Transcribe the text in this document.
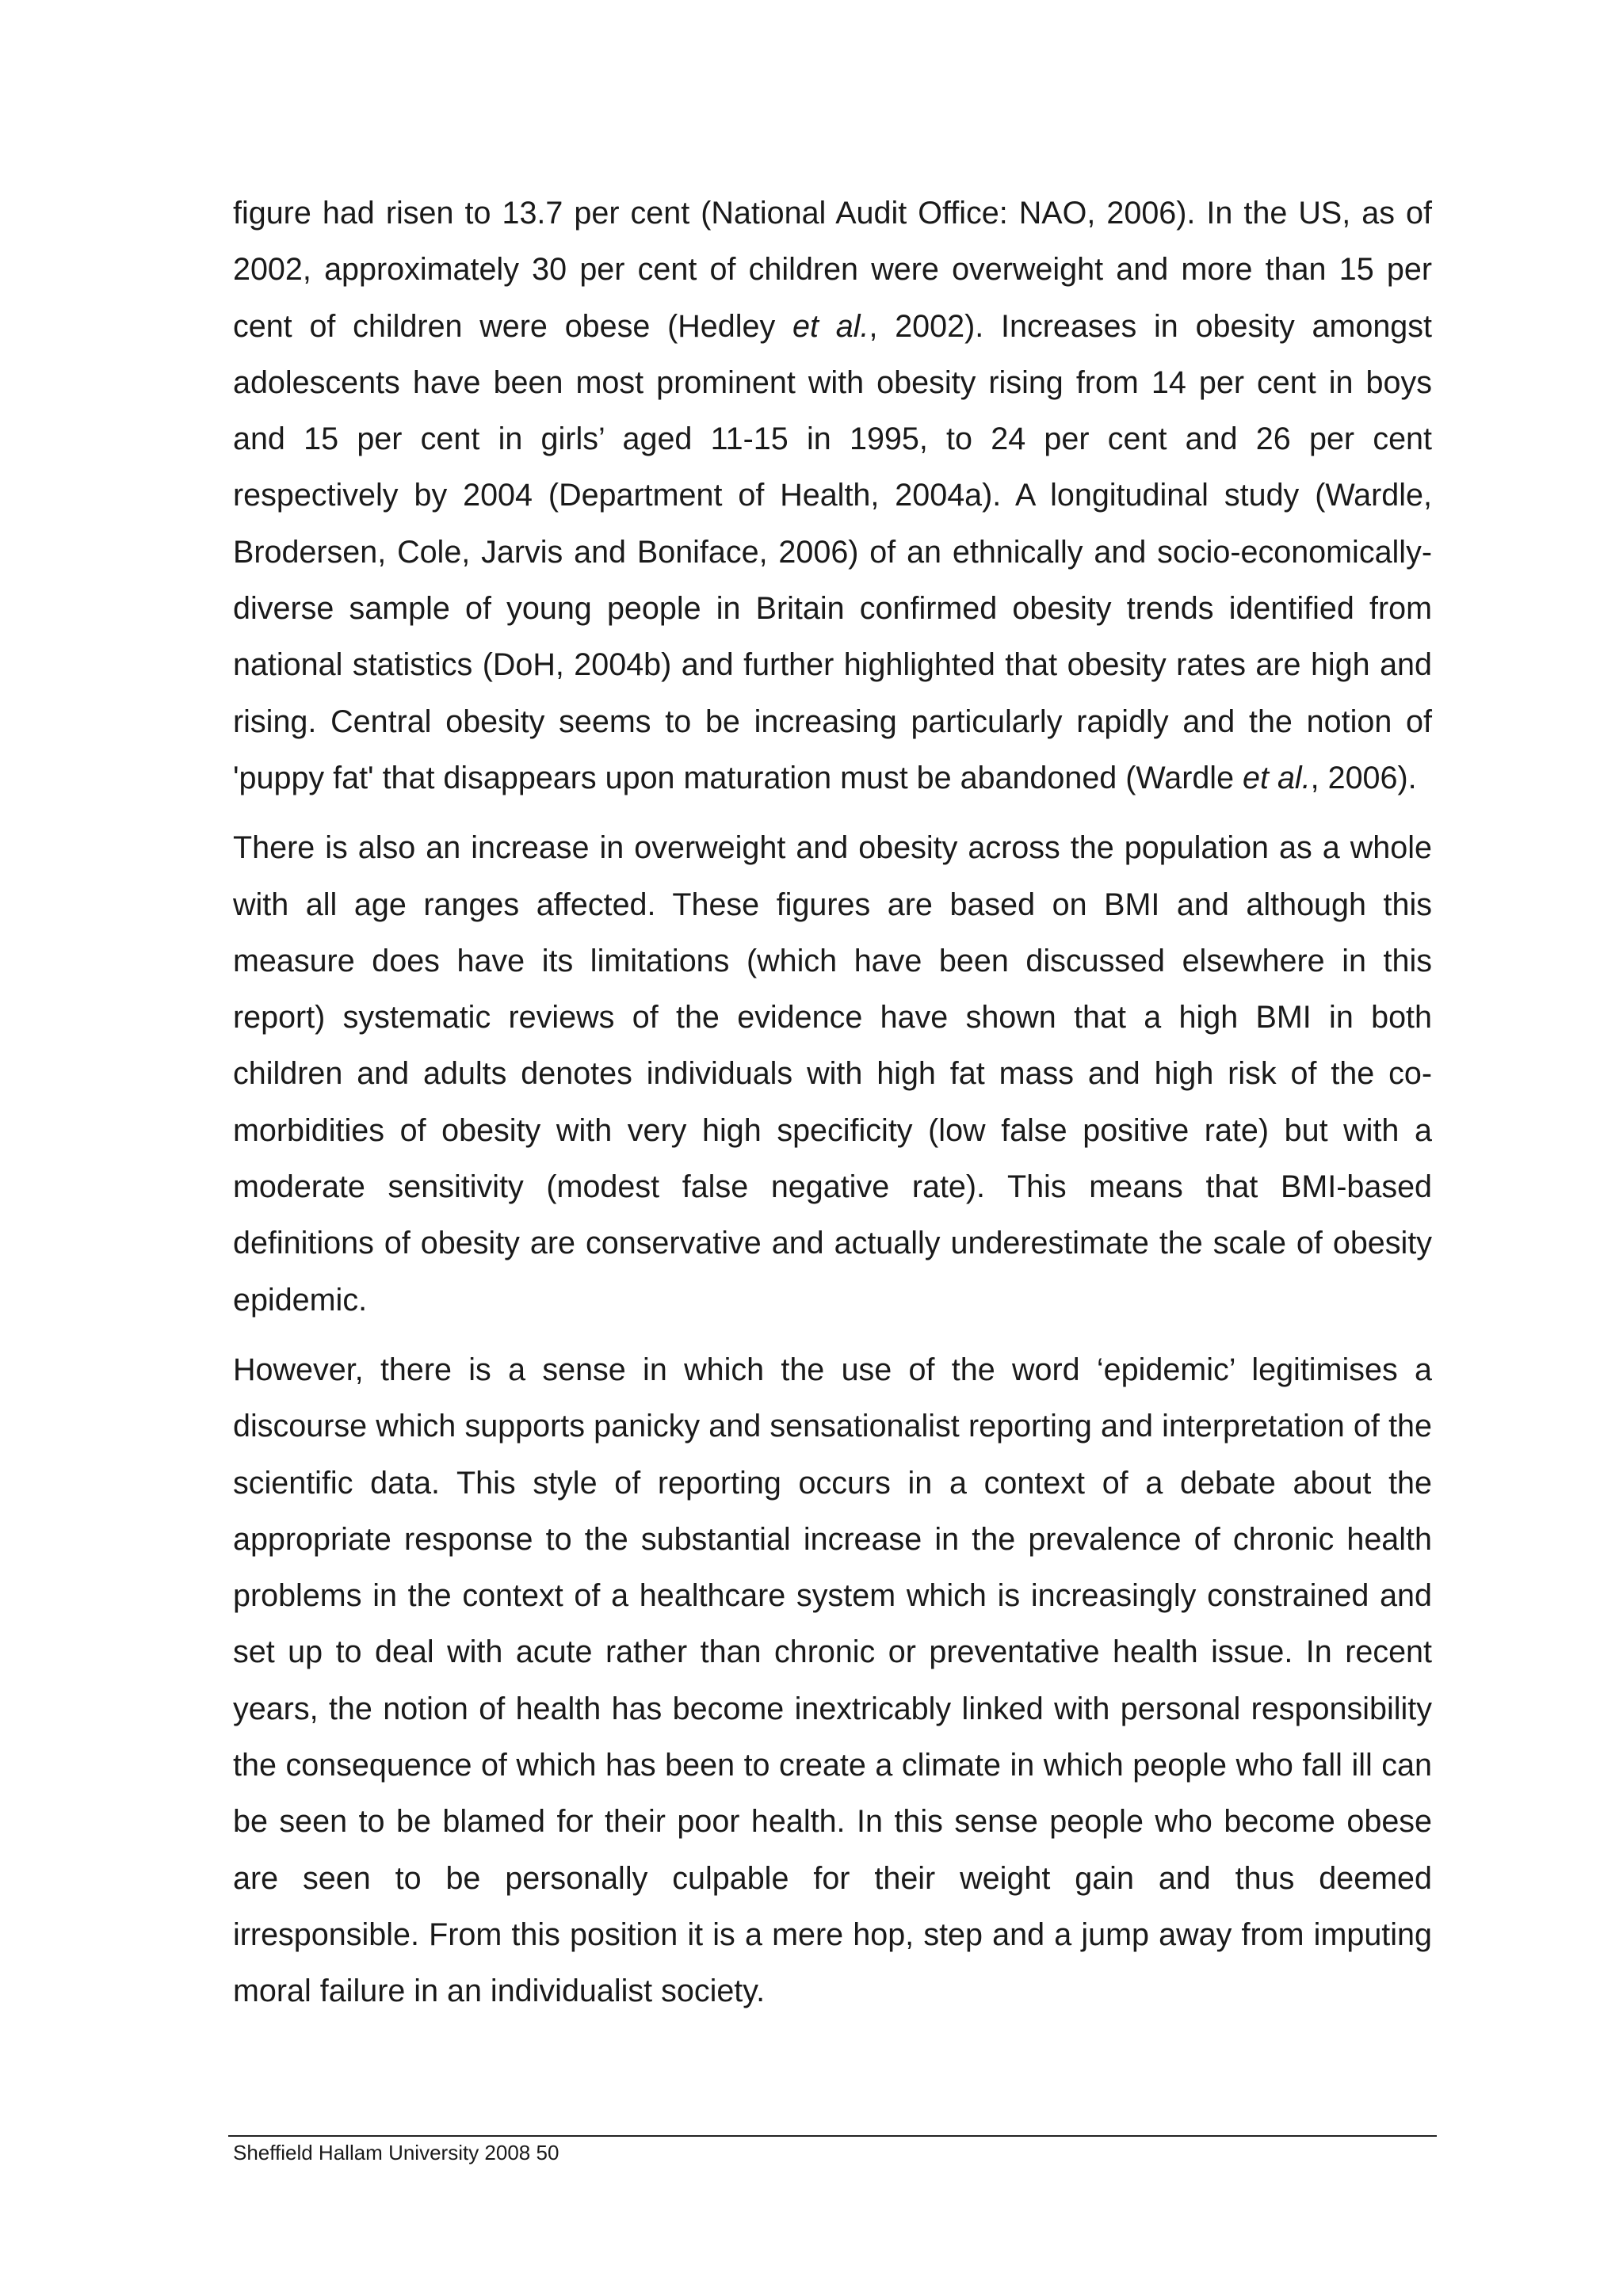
figure had risen to 13.7 per cent (National Audit Office: NAO, 2006). In the US, as of 2002, approximately 30 per cent of children were overweight and more than 15 per cent of children were obese (Hedley et al., 2002). Increases in obesity amongst adolescents have been most prominent with obesity rising from 14 per cent in boys and 15 per cent in girls’ aged 11-15 in 1995, to 24 per cent and 26 per cent respectively by 2004 (Department of Health, 2004a). A longitudinal study (Wardle, Brodersen, Cole, Jarvis and Boniface, 2006) of an ethnically and socio-economically-diverse sample of young people in Britain confirmed obesity trends identified from national statistics (DoH, 2004b) and further highlighted that obesity rates are high and rising. Central obesity seems to be increasing particularly rapidly and the notion of 'puppy fat' that disappears upon maturation must be abandoned (Wardle et al., 2006).

There is also an increase in overweight and obesity across the population as a whole with all age ranges affected. These figures are based on BMI and although this measure does have its limitations (which have been discussed elsewhere in this report) systematic reviews of the evidence have shown that a high BMI in both children and adults denotes individuals with high fat mass and high risk of the co-morbidities of obesity with very high specificity (low false positive rate) but with a moderate sensitivity (modest false negative rate). This means that BMI-based definitions of obesity are conservative and actually underestimate the scale of obesity epidemic.

However, there is a sense in which the use of the word ‘epidemic’ legitimises a discourse which supports panicky and sensationalist reporting and interpretation of the scientific data. This style of reporting occurs in a context of a debate about the appropriate response to the substantial increase in the prevalence of chronic health problems in the context of a healthcare system which is increasingly constrained and set up to deal with acute rather than chronic or preventative health issue. In recent years, the notion of health has become inextricably linked with personal responsibility the consequence of which has been to create a climate in which people who fall ill can be seen to be blamed for their poor health. In this sense people who become obese are seen to be personally culpable for their weight gain and thus deemed irresponsible. From this position it is a mere hop, step and a jump away from imputing moral failure in an individualist society.

Sheffield Hallam University 2008 50
